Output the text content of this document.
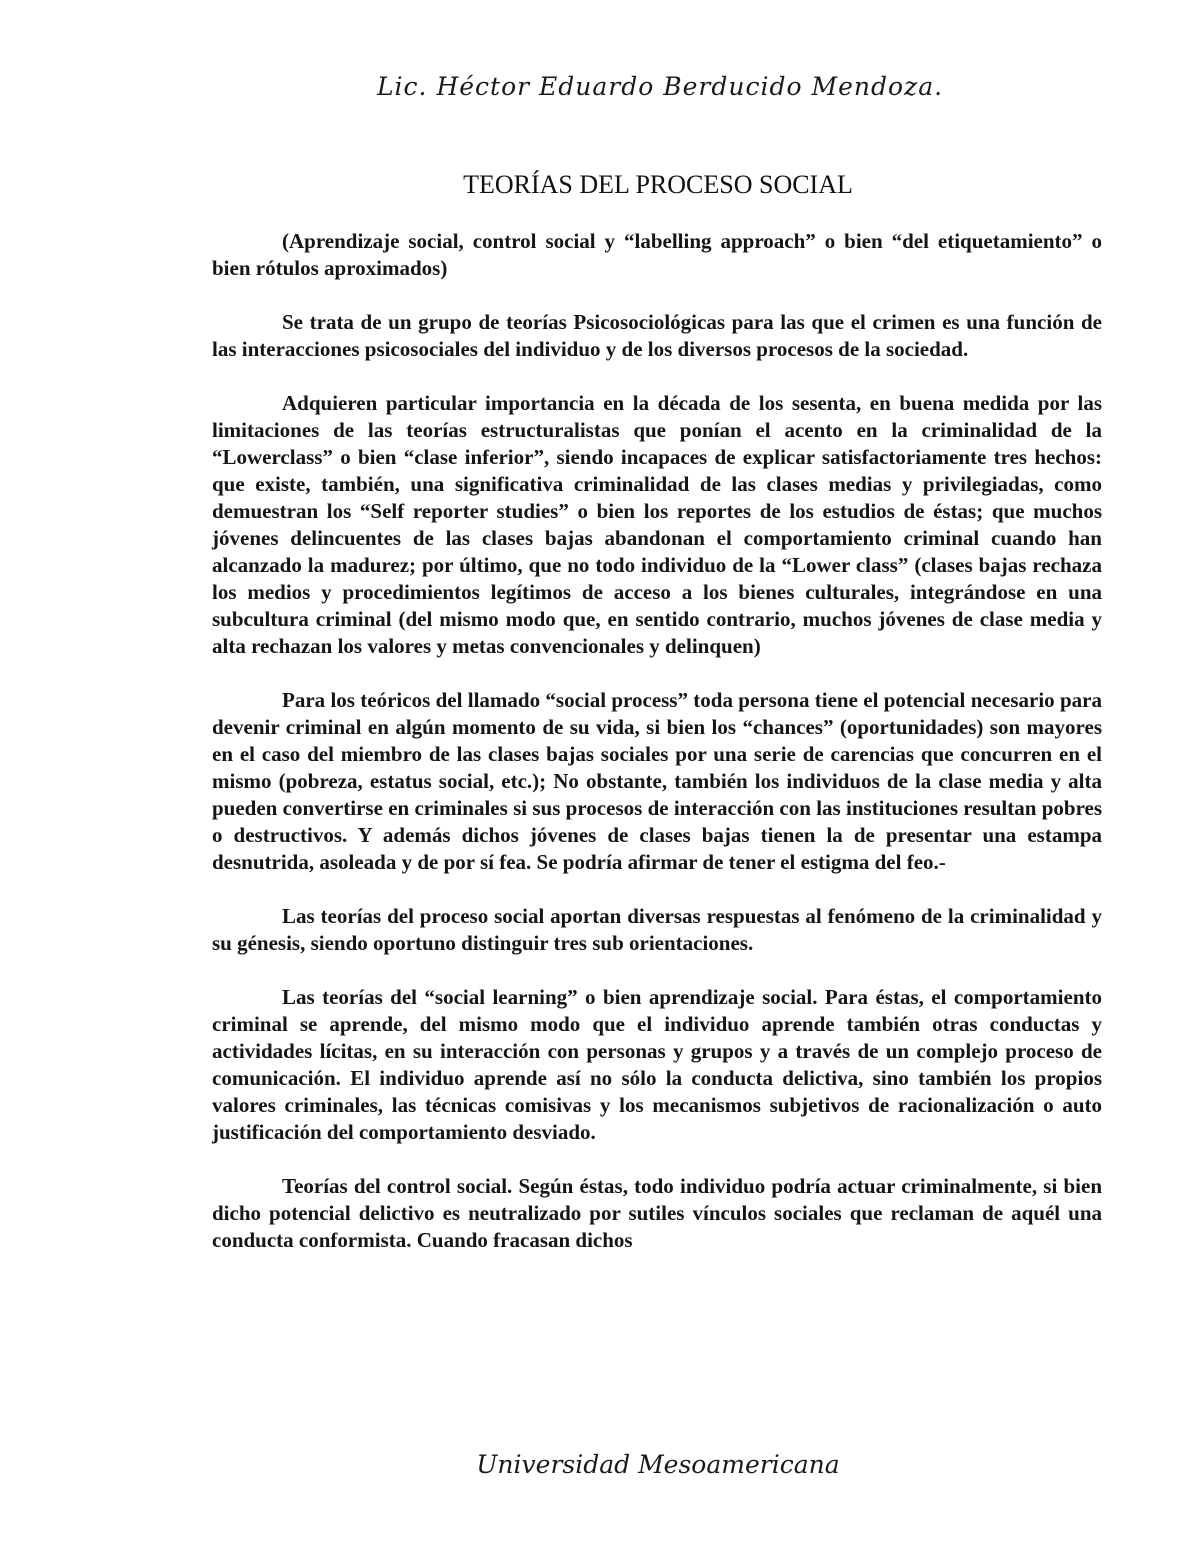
Lic. Héctor Eduardo Berducido Mendoza.
TEORÍAS DEL PROCESO SOCIAL

(Aprendizaje social, control social y “labelling approach” o bien “del etiquetamiento” o bien rótulos aproximados)

Se trata de un grupo de teorías Psicosociológicas para las que el crimen es una función de las interacciones psicosociales del individuo y de los diversos procesos de la sociedad.

Adquieren particular importancia en la década de los sesenta, en buena medida por las limitaciones de las teorías estructuralistas que ponían el acento en la criminalidad de la “Lowerclass” o bien “clase inferior”, siendo incapaces de explicar satisfactoriamente tres hechos: que existe, también, una significativa criminalidad de las clases medias y privilegiadas, como demuestran los “Self reporter studies” o bien los reportes de los estudios de éstas; que muchos jóvenes delincuentes de las clases bajas abandonan el comportamiento criminal cuando han alcanzado la madurez; por último, que no todo individuo de la “Lower class” (clases bajas rechaza los medios y procedimientos legítimos de acceso a los bienes culturales, integrándose en una subcultura criminal (del mismo modo que, en sentido contrario, muchos jóvenes de clase media y alta rechazan los valores y metas convencionales y delinquen)

Para los teóricos del llamado “social process” toda persona tiene el potencial necesario para devenir criminal en algún momento de su vida, si bien los “chances” (oportunidades) son mayores en el caso del miembro de las clases bajas sociales por una serie de carencias que concurren en el mismo (pobreza, estatus social, etc.); No obstante, también los individuos de la clase media y alta pueden convertirse en criminales si sus procesos de interacción con las instituciones resultan pobres o destructivos. Y además dichos jóvenes de clases bajas tienen la de presentar una estampa desnutrida, asoleada y de por sí fea. Se podría afirmar de tener el estigma del feo.-

Las teorías del proceso social aportan diversas respuestas al fenómeno de la criminalidad y su génesis, siendo oportuno distinguir tres sub orientaciones.

Las teorías del “social learning” o bien aprendizaje social. Para éstas, el comportamiento criminal se aprende, del mismo modo que el individuo aprende también otras conductas y actividades lícitas, en su interacción con personas y grupos y a través de un complejo proceso de comunicación. El individuo aprende así no sólo la conducta delictiva, sino también los propios valores criminales, las técnicas comisivas y los mecanismos subjetivos de racionalización o auto justificación del comportamiento desviado.

Teorías del control social. Según éstas, todo individuo podría actuar criminalmente, si bien dicho potencial delictivo es neutralizado por sutiles vínculos sociales que reclaman de aquél una conducta conformista. Cuando fracasan dichos

Universidad Mesoamericana
